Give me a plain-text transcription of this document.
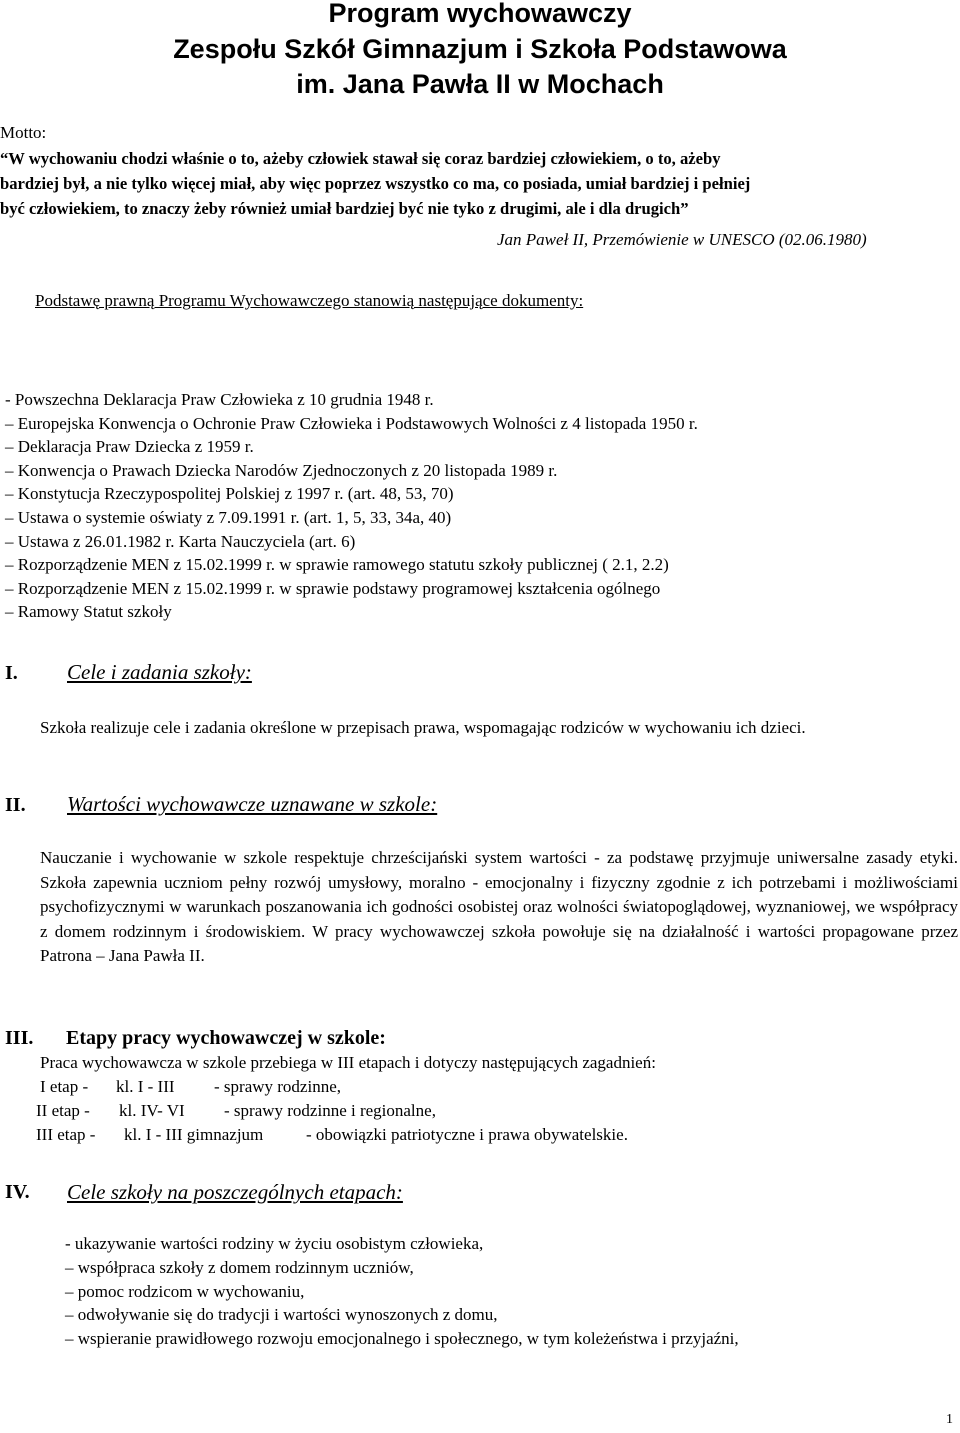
Program wychowawczy
Zespołu Szkół Gimnazjum i Szkoła Podstawowa
im. Jana Pawła II w Mochach
Motto:
“W wychowaniu chodzi właśnie o to, ażeby człowiek stawał się coraz bardziej człowiekiem, o to, ażeby
bardziej był, a nie tylko więcej miał, aby więc poprzez wszystko co ma, co posiada, umiał bardziej i pełniej
być człowiekiem, to znaczy żeby również umiał bardziej być nie tyko z drugimi, ale i dla drugich”
Jan Paweł II, Przemówienie w UNESCO (02.06.1980)
Podstawę prawną Programu Wychowawczego stanowią następujące dokumenty:
- Powszechna Deklaracja Praw Człowieka z 10 grudnia 1948 r.
– Europejska Konwencja o Ochronie Praw Człowieka i Podstawowych Wolności z 4 listopada 1950 r.
– Deklaracja Praw Dziecka z 1959 r.
– Konwencja o Prawach Dziecka Narodów Zjednoczonych z 20 listopada 1989 r.
– Konstytucja Rzeczypospolitej Polskiej z 1997 r. (art. 48, 53, 70)
– Ustawa o systemie oświaty z 7.09.1991 r. (art. 1, 5, 33, 34a, 40)
– Ustawa z 26.01.1982 r. Karta Nauczyciela (art. 6)
– Rozporządzenie MEN z 15.02.1999 r. w sprawie ramowego statutu szkoły publicznej ( 2.1, 2.2)
– Rozporządzenie MEN z 15.02.1999 r. w sprawie podstawy programowej kształcenia ogólnego
– Ramowy Statut szkoły
I. Cele i zadania szkoły:
Szkoła realizuje cele i zadania określone w przepisach prawa, wspomagając rodziców w wychowaniu ich dzieci.
II. Wartości wychowawcze uznawane w szkole:
Nauczanie i wychowanie w szkole respektuje chrześcijański system wartości - za podstawę przyjmuje uniwersalne zasady etyki. Szkoła zapewnia uczniom pełny rozwój umysłowy, moralno - emocjonalny i fizyczny zgodnie z ich potrzebami i możliwościami psychofizycznymi w warunkach poszanowania ich godności osobistej oraz wolności światopoglądowej, wyznaniowej, we współpracy z domem rodzinnym i środowiskiem. W pracy wychowawczej szkoła powołuje się na działalność i wartości propagowane przez Patrona – Jana Pawła II.
III. Etapy pracy wychowawczej w szkole:
Praca wychowawcza w szkole przebiega w III etapach i dotyczy następujących zagadnień:
I etap - kl. I - III - sprawy rodzinne,
II etap - kl. IV- VI - sprawy rodzinne i regionalne,
III etap - kl. I - III gimnazjum	- obowiązki patriotyczne i prawa obywatelskie.
IV. Cele szkoły na poszczególnych etapach:
- ukazywanie wartości rodziny w życiu osobistym człowieka,
– współpraca szkoły z domem rodzinnym uczniów,
– pomoc rodzicom w wychowaniu,
– odwoływanie się do tradycji i wartości wynoszonych z domu,
– wspieranie prawidłowego rozwoju emocjonalnego i społecznego, w tym koleżeństwa i przyjaźni,
1
